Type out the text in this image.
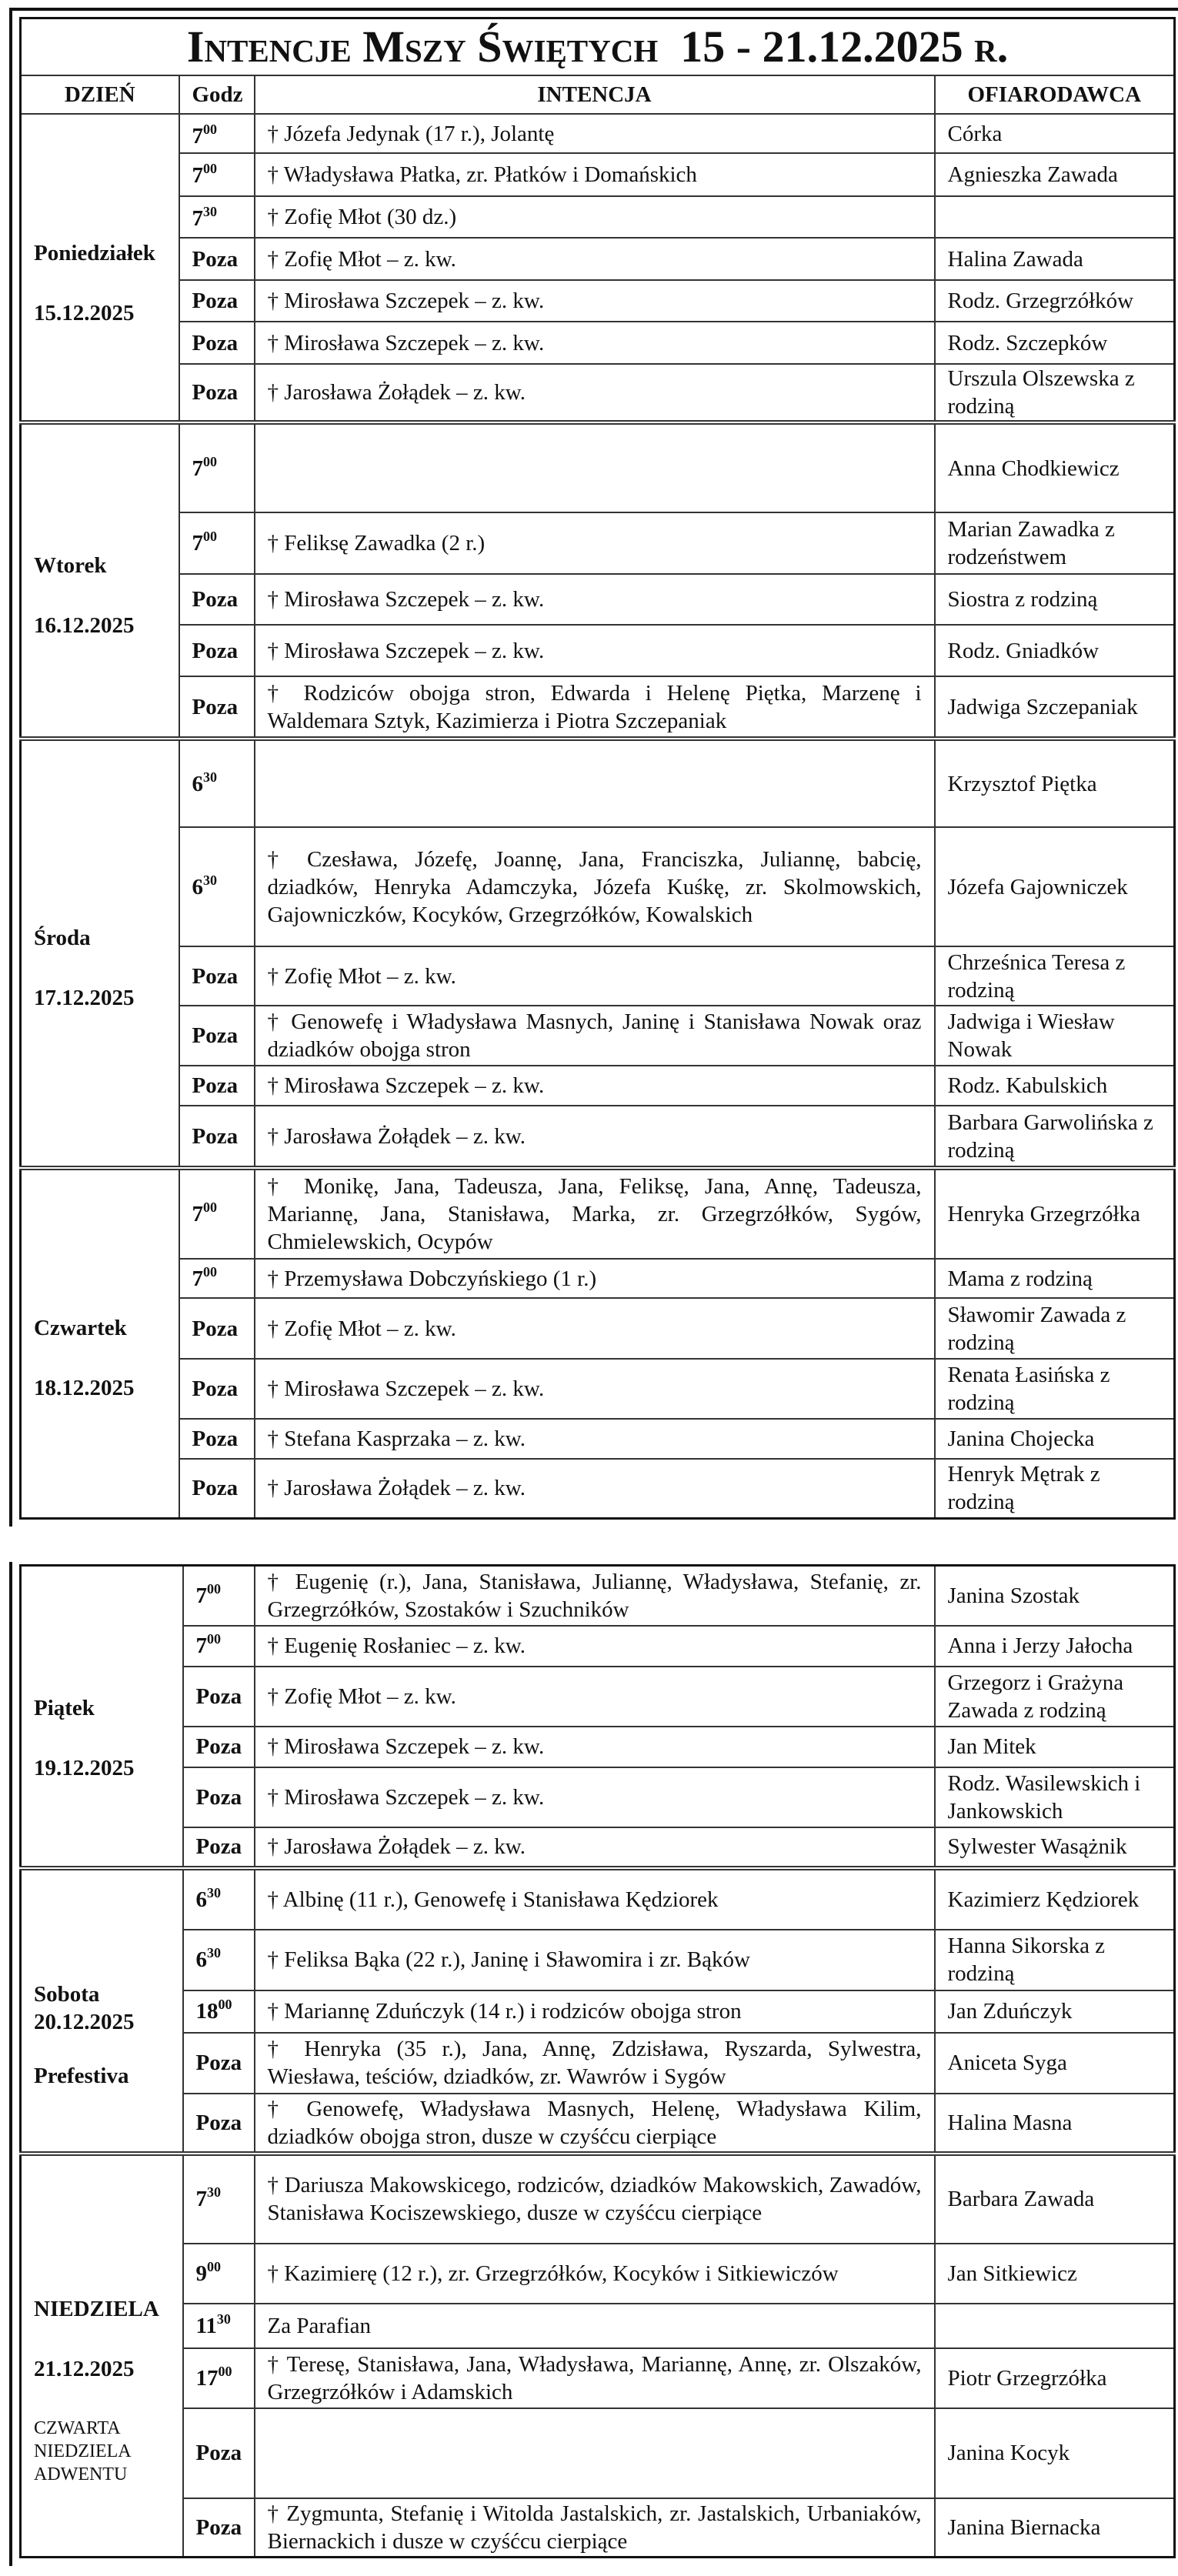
Intencje Mszy Świętych 15 - 21.12.2025 r.			
DZIEŃ	Godz	INTENCJA	OFIARODAWCA

Poniedziałek
15.12.2025	$7^{00}$	† Józefa Jedynak (17 r.), Jolantę	Córka
	$7^{00}$	† Władysława Płatka, zr. Płatków i Domańskich	Agnieszka Zawada
	$7^{30}$	† Zofię Młot (30 dz.)	
	Poza	† Zofię Młot – z. kw.	Halina Zawada
	Poza	† Mirosława Szczepek – z. kw.	Rodz. Grzegrzółków
	Poza	† Mirosława Szczepek – z. kw.	Rodz. Szczepków
	Poza	† Jarosława Żołądek – z. kw.	Urszula Olszewska z rodziną

Wtorek
16.12.2025	$7^{00}$		Anna Chodkiewicz
	$7^{00}$	† Feliksę Zawadka (2 r.)	Marian Zawadka z rodzeństwem
	Poza	† Mirosława Szczepek – z. kw.	Siostra z rodziną
	Poza	† Mirosława Szczepek – z. kw.	Rodz. Gniadków
	Poza	† Rodziców obojga stron, Edwarda i Helenę Piętka, Marzenę i Waldemara Sztyk, Kazimierza i Piotra Szczepaniak	Jadwiga Szczepaniak

Środa
17.12.2025	$6^{30}$		Krzysztof Piętka
	$6^{30}$	† Czesława, Józefę, Joannę, Jana, Franciszka, Juliannę, babcię, dziadków, Henryka Adamczyka, Józefa Kuśkę, zr. Skolmowskich, Gajowniczków, Kocyków, Grzegrzółków, Kowalskich	Józefa Gajowniczek
	Poza	† Zofię Młot – z. kw.	Chrześnica Teresa z rodziną
	Poza	† Genowefę i Władysława Masnych, Janinę i Stanisława Nowak oraz dziadków obojga stron	Jadwiga i Wiesław Nowak
	Poza	† Mirosława Szczepek – z. kw.	Rodz. Kabulskich
	Poza	† Jarosława Żołądek – z. kw.	Barbara Garwolińska z rodziną

Czwartek
18.12.2025	$7^{00}$	† Monikę, Jana, Tadeusza, Jana, Feliksę, Jana, Annę, Tadeusza, Mariannę, Jana, Stanisława, Marka, zr. Grzegrzółków, Sygów, Chmielewskich, Ocypów	Henryka Grzegrzółka
	$7^{00}$	† Przemysława Dobczyńskiego (1 r.)	Mama z rodziną
	Poza	† Zofię Młot – z. kw.	Sławomir Zawada z rodziną
	Poza	† Mirosława Szczepek – z. kw.	Renata Łasińska z rodziną
	Poza	† Stefana Kasprzaka – z. kw.	Janina Chojecka
	Poza	† Jarosława Żołądek – z. kw.	Henryk Mętrak z rodziną
Piątek
19.12.2025	$7^{00}$	† Eugenię (r.), Jana, Stanisława, Juliannę, Władysława, Stefanię, zr. Grzegrzółków, Szostaków i Szuchników	Janina Szostak
	$7^{00}$	† Eugenię Rosłaniec – z. kw.	Anna i Jerzy Jałocha
	Poza	† Zofię Młot – z. kw.	Grzegorz i Grażyna Zawada z rodziną
	Poza	† Mirosława Szczepek – z. kw.	Jan Mitek
	Poza	† Mirosława Szczepek – z. kw.	Rodz. Wasilewskich i Jankowskich
	Poza	† Jarosława Żołądek – z. kw.	Sylwester Wasążnik

Sobota
20.12.2025
Prefestiva	$6^{30}$	† Albinę (11 r.), Genowefę i Stanisława Kędziorek	Kazimierz Kędziorek
	$6^{30}$	† Feliksa Bąka (22 r.), Janinę i Sławomira i zr. Bąków	Hanna Sikorska z rodziną
	$18^{00}$	† Mariannę Zduńczyk (14 r.) i rodziców obojga stron	Jan Zduńczyk
	Poza	† Henryka (35 r.), Jana, Annę, Zdzisława, Ryszarda, Sylwestra, Wiesława, teściów, dziadków, zr. Wawrów i Sygów	Aniceta Syga
	Poza	† Genowefę, Władysława Masnych, Helenę, Władysława Kilim, dziadków obojga stron, dusze w czyśćcu cierpiące	Halina Masna

NIEDZIELA
21.12.2025
CZWARTA NIEDZIELA ADWENTU	$7^{30}$	† Dariusza Makowskicego, rodziców, dziadków Makowskich, Zawadów, Stanisława Kociszewskiego, dusze w czyśćcu cierpiące	Barbara Zawada
	$9^{00}$	† Kazimierę (12 r.), zr. Grzegrzółków, Kocyków i Sitkiewiczów	Jan Sitkiewicz
	$11^{30}$	Za Parafian	
	$17^{00}$	† Teresę, Stanisława, Jana, Władysława, Mariannę, Annę, zr. Olszaków, Grzegrzółków i Adamskich	Piotr Grzegrzółka
	Poza		Janina Kocyk
	Poza	† Zygmunta, Stefanię i Witolda Jastalskich, zr. Jastalskich, Urbaniaków, Biernackich i dusze w czyśćcu cierpiące	Janina Biernacka
